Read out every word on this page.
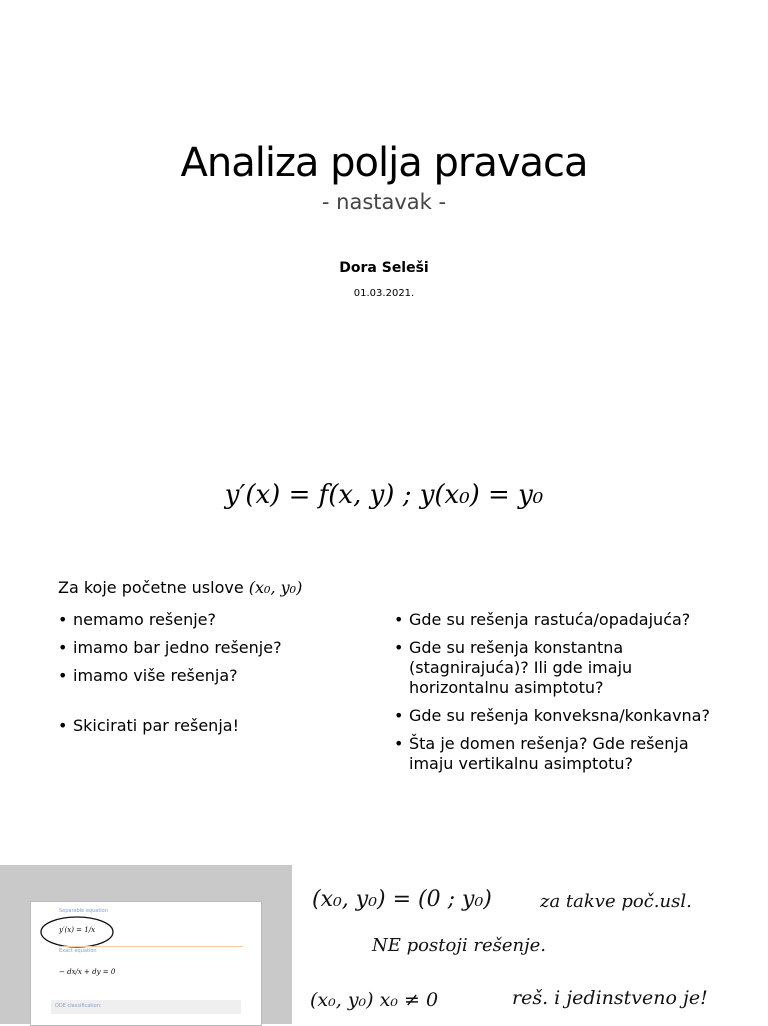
Analiza polja pravaca
- nastavak -
Dora Seleši
01.03.2021.
y′(x) = f(x, y) ; y(x₀) = y₀
Za koje početne uslove (x₀, y₀)
• nemamo rešenje?
• imamo bar jedno rešenje?
• imamo više rešenja?
• Skicirati par rešenja!
• Gde su rešenja rastuća/opadajuća?
• Gde su rešenja konstantna (stagnirajuća)? Ili gde imaju horizontalnu asimptotu?
• Gde su rešenja konveksna/konkavna?
• Šta je domen rešenja? Gde rešenja imaju vertikalnu asimptotu?
Separable equation
y′(x) = 1/x
Exact equation
− dx/x + dy = 0
ODE classification:
(x₀, y₀) = (0 ; y₀)	za takve poč.usl.
NE postoji rešenje.
(x₀, y₀) x₀ ≠ 0	reš. i jedinstveno je!
